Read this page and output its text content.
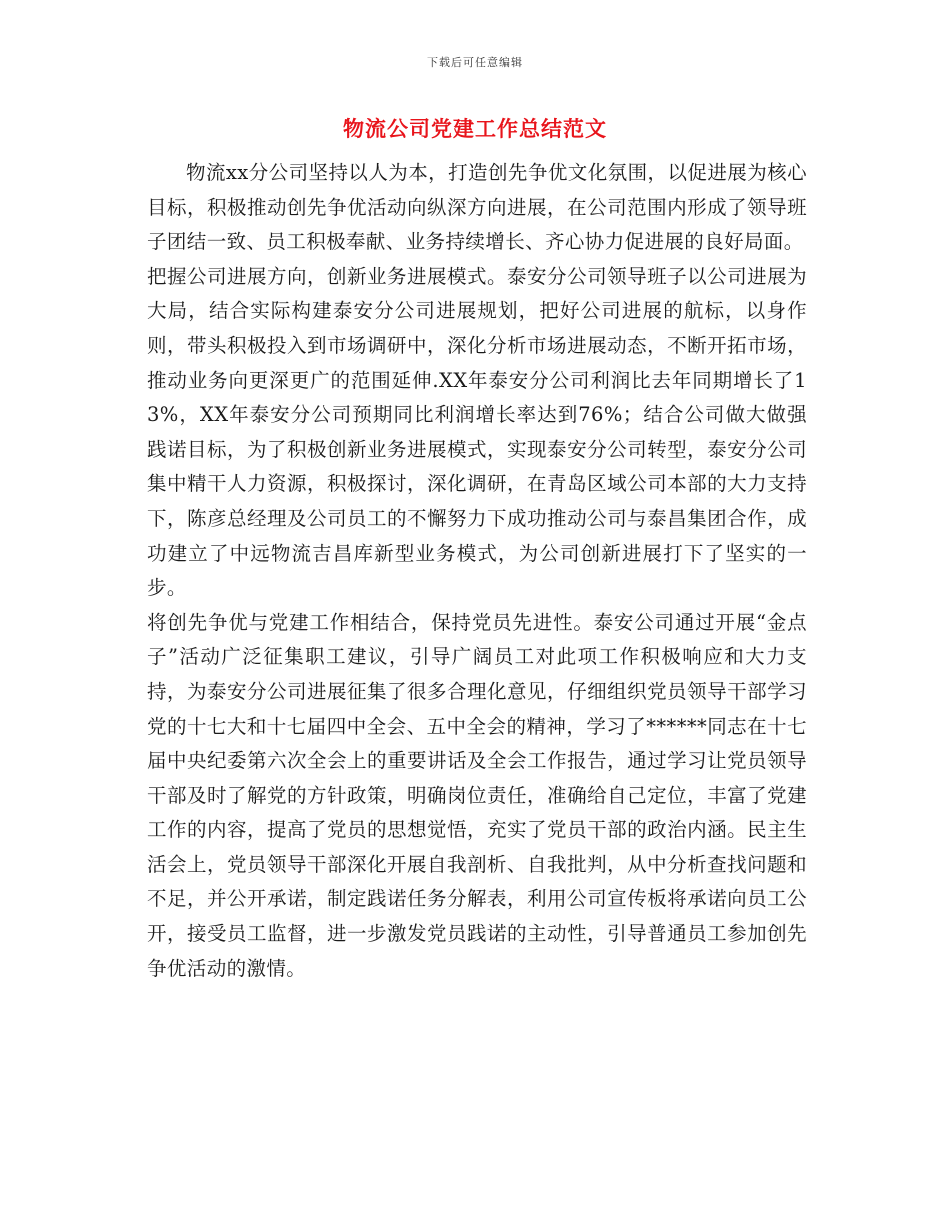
下载后可任意编辑
物流公司党建工作总结范文

物流xx分公司坚持以人为本，打造创先争优文化氛围，以促进展为核心目标，积极推动创先争优活动向纵深方向进展，在公司范围内形成了领导班子团结一致、员工积极奉献、业务持续增长、齐心协力促进展的良好局面。

把握公司进展方向，创新业务进展模式。泰安分公司领导班子以公司进展为大局，结合实际构建泰安分公司进展规划，把好公司进展的航标，以身作则，带头积极投入到市场调研中，深化分析市场进展动态，不断开拓市场，推动业务向更深更广的范围延伸.XX年泰安分公司利润比去年同期增长了13%，XX年泰安分公司预期同比利润增长率达到76%；结合公司做大做强践诺目标，为了积极创新业务进展模式，实现泰安分公司转型，泰安分公司集中精干人力资源，积极探讨，深化调研，在青岛区域公司本部的大力支持下，陈彦总经理及公司员工的不懈努力下成功推动公司与泰昌集团合作，成功建立了中远物流吉昌库新型业务模式，为公司创新进展打下了坚实的一步。

将创先争优与党建工作相结合，保持党员先进性。泰安公司通过开展“金点子”活动广泛征集职工建议，引导广阔员工对此项工作积极响应和大力支持，为泰安分公司进展征集了很多合理化意见，仔细组织党员领导干部学习党的十七大和十七届四中全会、五中全会的精神，学习了******同志在十七届中央纪委第六次全会上的重要讲话及全会工作报告，通过学习让党员领导干部及时了解党的方针政策，明确岗位责任，准确给自己定位，丰富了党建工作的内容，提高了党员的思想觉悟，充实了党员干部的政治内涵。民主生活会上，党员领导干部深化开展自我剖析、自我批判，从中分析查找问题和不足，并公开承诺，制定践诺任务分解表，利用公司宣传板将承诺向员工公开，接受员工监督，进一步激发党员践诺的主动性，引导普通员工参加创先争优活动的激情。
